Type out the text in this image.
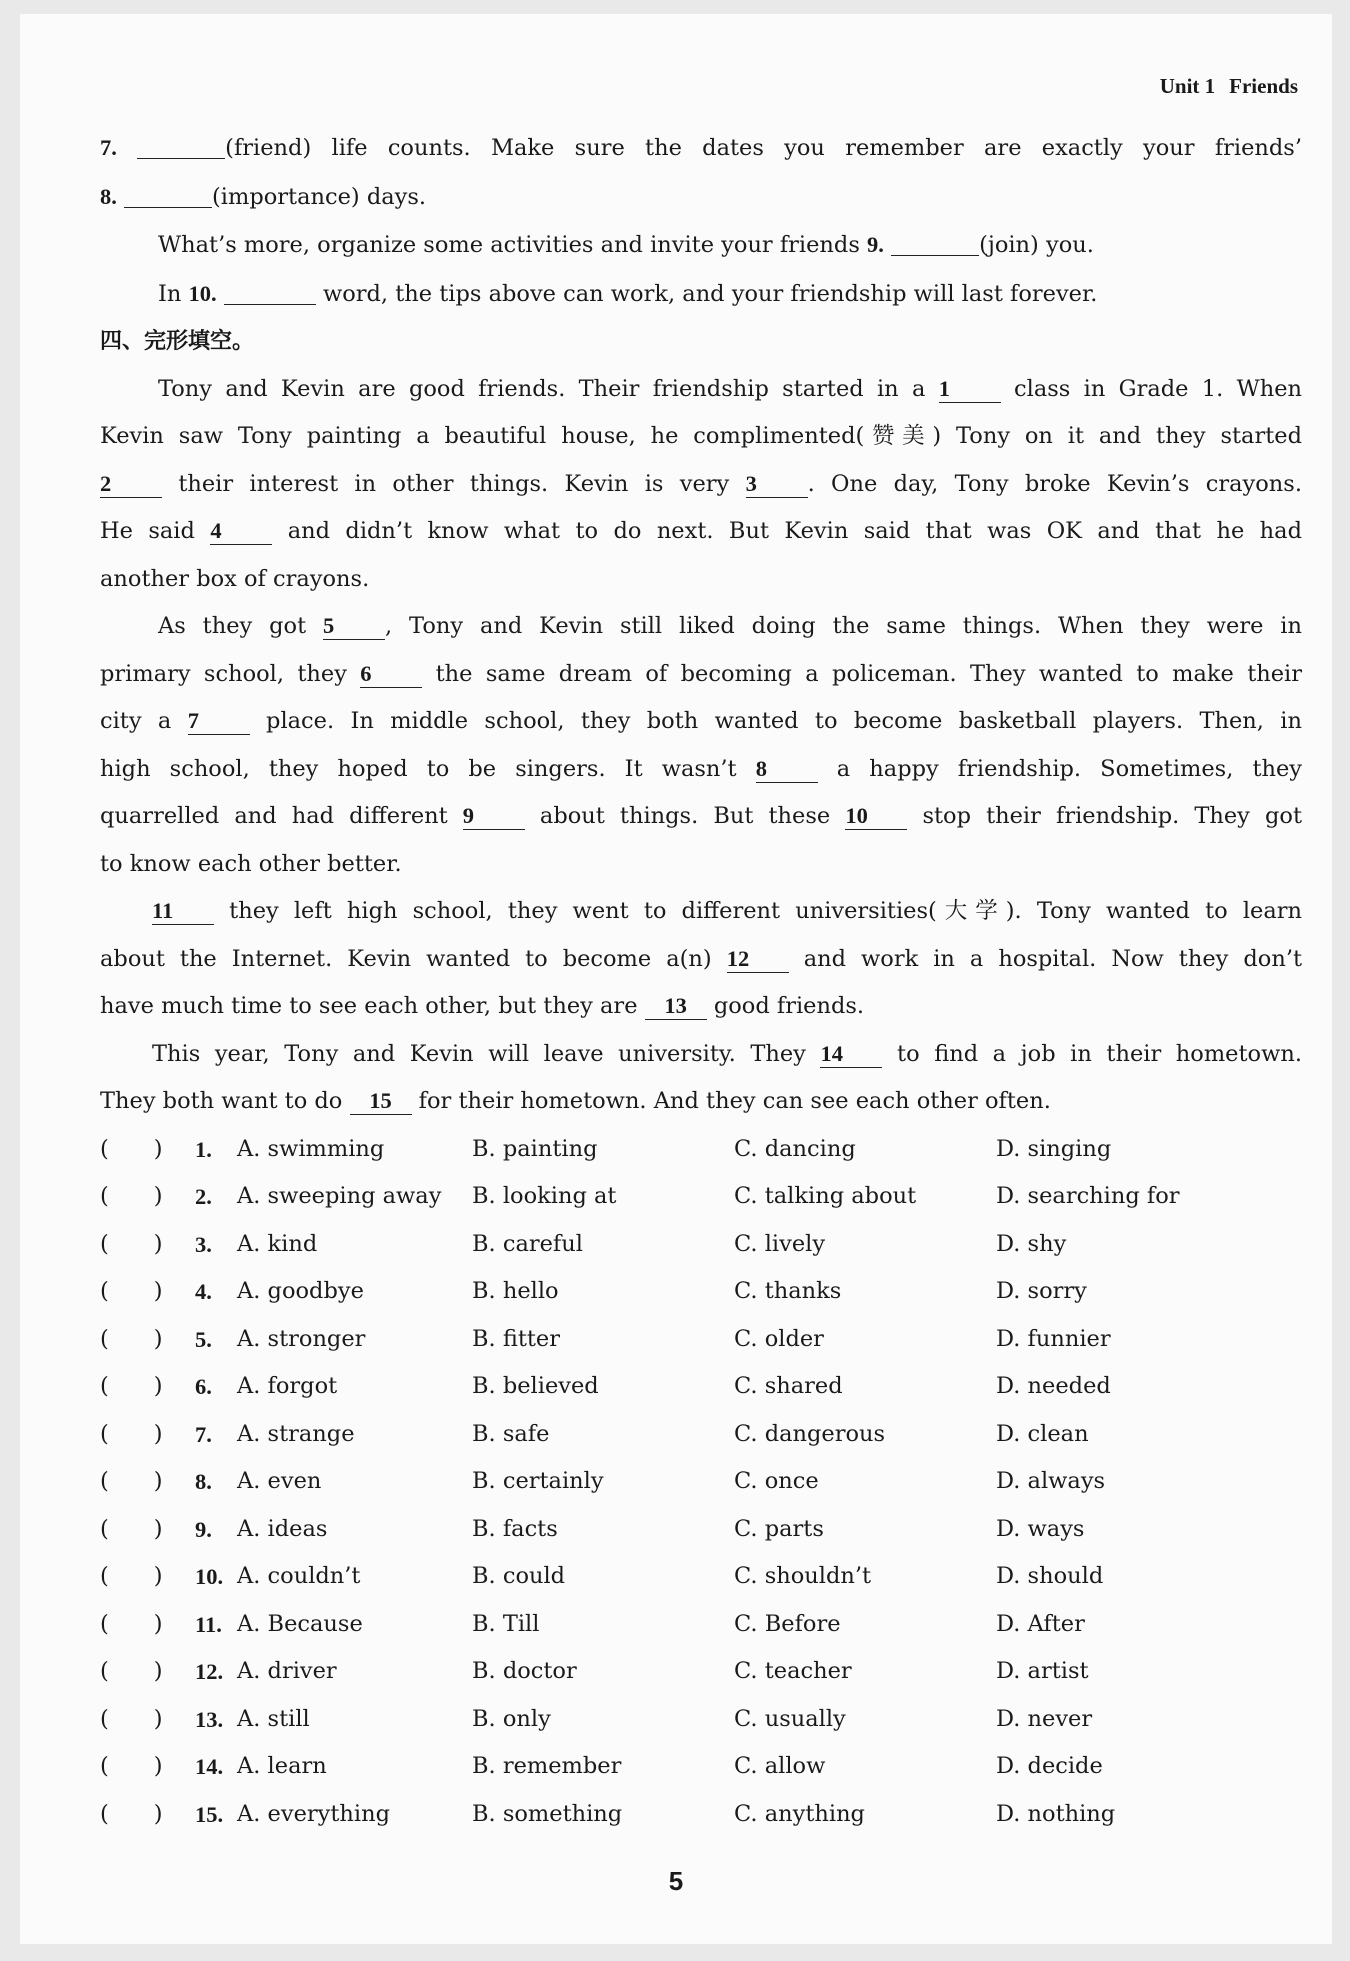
Unit 1 Friends
7.	(friend) life counts. Make sure the dates you remember are exactly your friends’
8.	(importance) days.
What’s more, organize some activities and invite your friends 9.	(join) you.
In 10.	word, the tips above can work, and your friendship will last forever.
四、完形填空。
Tony and Kevin are good friends. Their friendship started in a 1	class in Grade 1. When
Kevin saw Tony painting a beautiful house, he complimented(赞美) Tony on it and they started
2	their interest in other things. Kevin is very 3 . One day, Tony broke Kevin’s crayons.
He said 4	and didn’t know what to do next. But Kevin said that was OK and that he had
another box of crayons.
As they got 5 , Tony and Kevin still liked doing the same things. When they were in
primary school, they 6	the same dream of becoming a policeman. They wanted to make their
city a 7	place. In middle school, they both wanted to become basketball players. Then, in
high school, they hoped to be singers. It wasn’t 8	a happy friendship. Sometimes, they
quarrelled and had different 9	about things. But these 10 stop their friendship. They got
to know each other better.
11 they left high school, they went to different universities(大学). Tony wanted to learn
about the Internet. Kevin wanted to become a(n) 12 and work in a hospital. Now they don’t
have much time to see each other, but they are 13 good friends.
This year, Tony and Kevin will leave university. They 14 to find a job in their hometown.
They both want to do 15 for their hometown. And they can see each other often.
(　　)	1.	A. swimming	B. painting	C. dancing	D. singing
(　　)	2.	A. sweeping away	B. looking at	C. talking about	D. searching for
(　　)	3.	A. kind	B. careful	C. lively	D. shy
(　　)	4.	A. goodbye	B. hello	C. thanks	D. sorry
(　　)	5.	A. stronger	B. fitter	C. older	D. funnier
(　　)	6.	A. forgot	B. believed	C. shared	D. needed
(　　)	7.	A. strange	B. safe	C. dangerous	D. clean
(　　)	8.	A. even	B. certainly	C. once	D. always
(　　)	9.	A. ideas	B. facts	C. parts	D. ways
(　　)	10. A. couldn’t	B. could	C. shouldn’t	D. should
(　　)	11. A. Because	B. Till	C. Before	D. After
(　　)	12. A. driver	B. doctor	C. teacher	D. artist
(　　)	13. A. still	B. only	C. usually	D. never
(　　)	14. A. learn	B. remember	C. allow	D. decide
(　　)	15. A. everything	B. something	C. anything	D. nothing
5
